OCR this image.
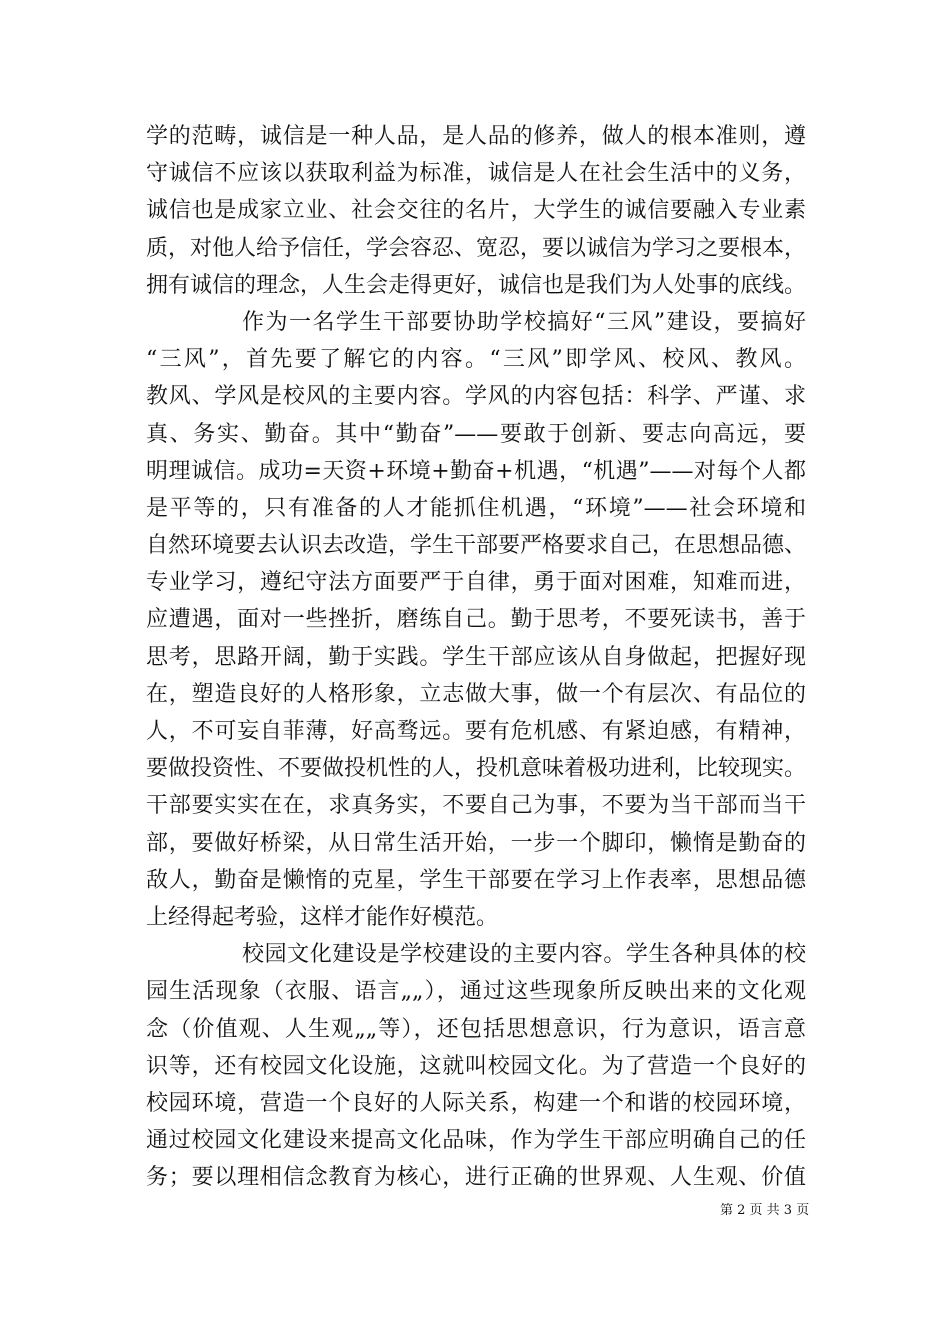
学的范畴，诚信是一种人品，是人品的修养，做人的根本准则，遵
守诚信不应该以获取利益为标准，诚信是人在社会生活中的义务，
诚信也是成家立业、社会交往的名片，大学生的诚信要融入专业素
质，对他人给予信任，学会容忍、宽忍，要以诚信为学习之要根本，
拥有诚信的理念，人生会走得更好，诚信也是我们为人处事的底线。
作为一名学生干部要协助学校搞好“三风”建设，要搞好
“三风”，首先要了解它的内容。“三风”即学风、校风、教风。
教风、学风是校风的主要内容。学风的内容包括：科学、严谨、求
真、务实、勤奋。其中“勤奋”——要敢于创新、要志向高远，要
明理诚信。成功=天资+环境+勤奋+机遇，“机遇”——对每个人都
是平等的，只有准备的人才能抓住机遇，“环境”——社会环境和
自然环境要去认识去改造，学生干部要严格要求自己，在思想品德、
专业学习，遵纪守法方面要严于自律，勇于面对困难，知难而进，
应遭遇，面对一些挫折，磨练自己。勤于思考，不要死读书，善于
思考，思路开阔，勤于实践。学生干部应该从自身做起，把握好现
在，塑造良好的人格形象，立志做大事，做一个有层次、有品位的
人，不可妄自菲薄，好高骛远。要有危机感、有紧迫感，有精神，
要做投资性、不要做投机性的人，投机意味着极功进利，比较现实。
干部要实实在在，求真务实，不要自己为事，不要为当干部而当干
部，要做好桥梁，从日常生活开始，一步一个脚印，懒惰是勤奋的
敌人，勤奋是懒惰的克星，学生干部要在学习上作表率，思想品德
上经得起考验，这样才能作好模范。
校园文化建设是学校建设的主要内容。学生各种具体的校
园生活现象（衣服、语言„„），通过这些现象所反映出来的文化观
念（价值观、人生观„„等），还包括思想意识，行为意识，语言意
识等，还有校园文化设施，这就叫校园文化。为了营造一个良好的
校园环境，营造一个良好的人际关系，构建一个和谐的校园环境，
通过校园文化建设来提高文化品味，作为学生干部应明确自己的任
务；要以理相信念教育为核心，进行正确的世界观、人生观、价值
第 2 页 共 3 页
